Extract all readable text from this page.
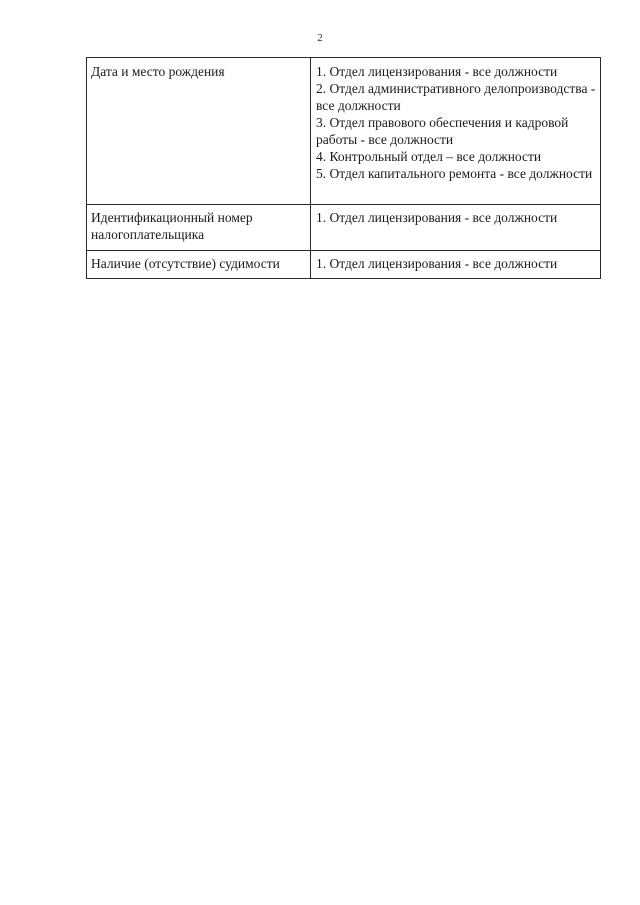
2
Дата и место рождения	1. Отдел лицензирования - все должности
2. Отдел административного делопроизводства - все должности
3. Отдел правового обеспечения и кадровой работы - все должности
4. Контрольный отдел – все должности
5. Отдел капитального ремонта - все должности

Идентификационный номер налогоплательщика	1. Отдел лицензирования - все должности

Наличие (отсутствие) судимости	1. Отдел лицензирования - все должности
